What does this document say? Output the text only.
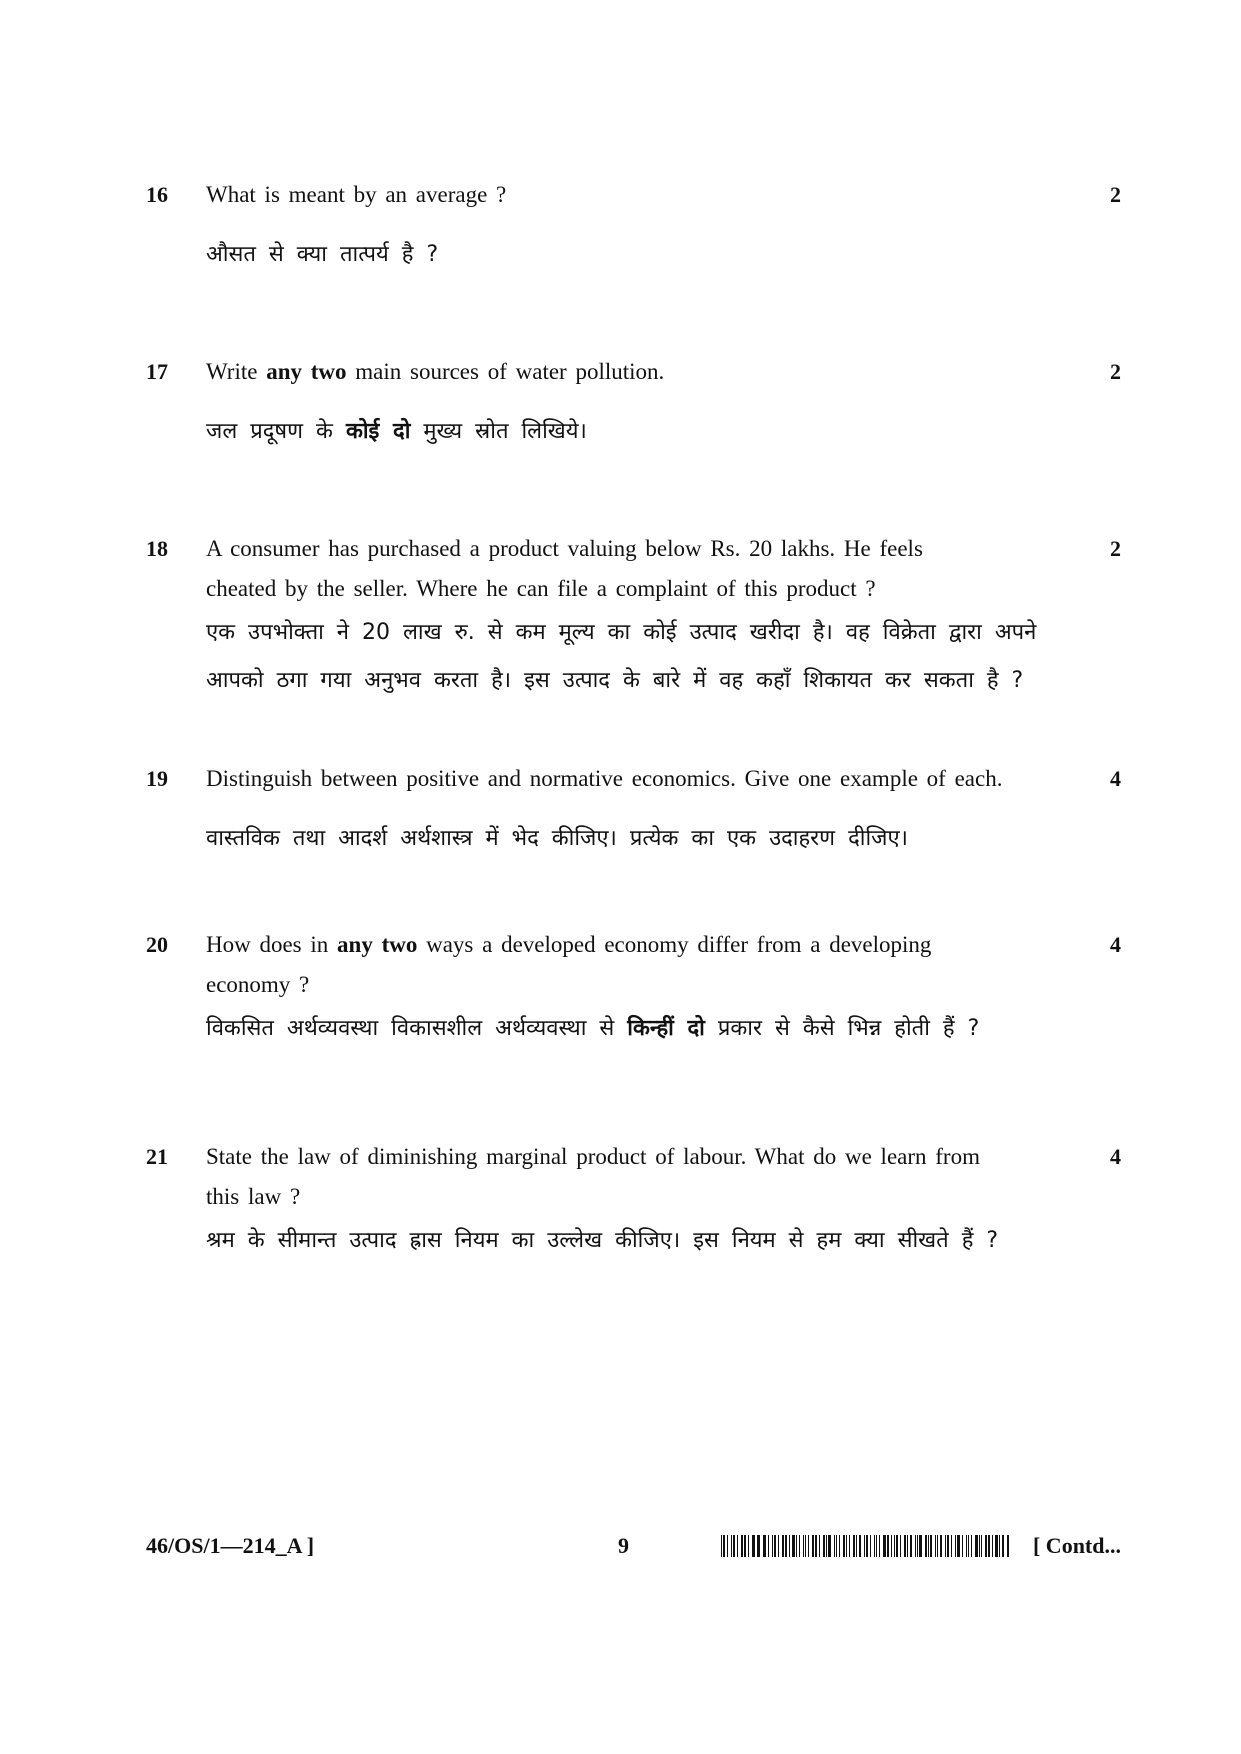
16 What is meant by an average ?
औसत से क्या तात्पर्य है ?
2
17 Write any two main sources of water pollution.
जल प्रदूषण के कोई दो मुख्य स्रोत लिखिये।
2
18 A consumer has purchased a product valuing below Rs. 20 lakhs. He feels
cheated by the seller. Where he can file a complaint of this product ?
एक उपभोक्ता ने 20 लाख रु. से कम मूल्य का कोई उत्पाद खरीदा है। वह विक्रेता द्वारा अपने
आपको ठगा गया अनुभव करता है। इस उत्पाद के बारे में वह कहाँ शिकायत कर सकता है ?
2
19 Distinguish between positive and normative economics. Give one example of each.
वास्तविक तथा आदर्श अर्थशास्त्र में भेद कीजिए। प्रत्येक का एक उदाहरण दीजिए।
4
20 How does in any two ways a developed economy differ from a developing
economy ?
विकसित अर्थव्यवस्था विकासशील अर्थव्यवस्था से किन्हीं दो प्रकार से कैसे भिन्न होती हैं ?
4
21 State the law of diminishing marginal product of labour. What do we learn from
this law ?
श्रम के सीमान्त उत्पाद ह्रास नियम का उल्लेख कीजिए। इस नियम से हम क्या सीखते हैं ?
4
46/OS/1—214_A ]	9	[ Contd...
